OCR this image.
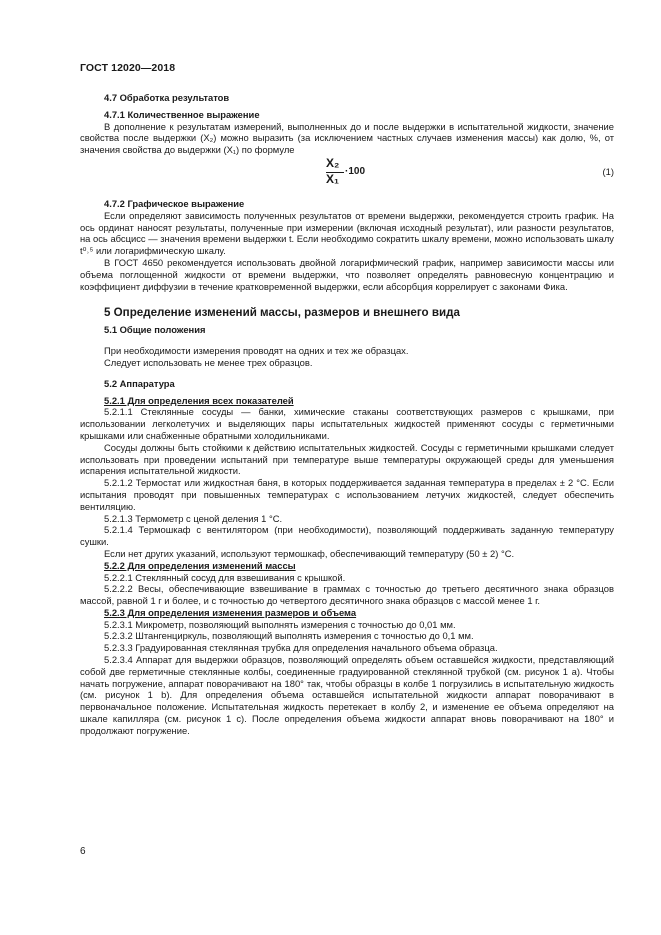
ГОСТ 12020—2018

4.7 Обработка результатов

4.7.1 Количественное выражение

В дополнение к результатам измерений, выполненных до и после выдержки в испытательной жидкости, значение свойства после выдержки (X₂) можно выразить (за исключением частных случаев изменения массы) как долю, %, от значения свойства до выдержки (X₁) по формуле

X₂
X₁
·100	(1)

4.7.2 Графическое выражение

Если определяют зависимость полученных результатов от времени выдержки, рекомендуется строить график. На ось ординат наносят результаты, полученные при измерении (включая исходный результат), или разности результатов, на ось абсцисс — значения времени выдержки t. Если необходимо сократить шкалу времени, можно использовать шкалу t⁰˒⁵ или логарифмическую шкалу.

В ГОСТ 4650 рекомендуется использовать двойной логарифмический график, например зависимости массы или объема поглощенной жидкости от времени выдержки, что позволяет определять равновесную концентрацию и коэффициент диффузии в течение кратковременной выдержки, если абсорбция коррелирует с законами Фика.

5 Определение изменений массы, размеров и внешнего вида

5.1 Общие положения

При необходимости измерения проводят на одних и тех же образцах.

Следует использовать не менее трех образцов.

5.2 Аппаратура

5.2.1 Для определения всех показателей

5.2.1.1 Стеклянные сосуды — банки, химические стаканы соответствующих размеров с крышками, при использовании легколетучих и выделяющих пары испытательных жидкостей применяют сосуды с герметичными крышками или снабженные обратными холодильниками.

Сосуды должны быть стойкими к действию испытательных жидкостей. Сосуды с герметичными крышками следует использовать при проведении испытаний при температуре выше температуры окружающей среды для уменьшения испарения испытательной жидкости.

5.2.1.2 Термостат или жидкостная баня, в которых поддерживается заданная температура в пределах ± 2 °C. Если испытания проводят при повышенных температурах с использованием летучих жидкостей, следует обеспечить вентиляцию.

5.2.1.3 Термометр с ценой деления 1 °C.

5.2.1.4 Термошкаф с вентилятором (при необходимости), позволяющий поддерживать заданную температуру сушки.

Если нет других указаний, используют термошкаф, обеспечивающий температуру (50 ± 2) °C.

5.2.2 Для определения изменений массы

5.2.2.1 Стеклянный сосуд для взвешивания с крышкой.

5.2.2.2 Весы, обеспечивающие взвешивание в граммах с точностью до третьего десятичного знака образцов массой, равной 1 г и более, и с точностью до четвертого десятичного знака образцов с массой менее 1 г.

5.2.3 Для определения изменения размеров и объема

5.2.3.1 Микрометр, позволяющий выполнять измерения с точностью до 0,01 мм.

5.2.3.2 Штангенциркуль, позволяющий выполнять измерения с точностью до 0,1 мм.

5.2.3.3 Градуированная стеклянная трубка для определения начального объема образца.

5.2.3.4 Аппарат для выдержки образцов, позволяющий определять объем оставшейся жидкости, представляющий собой две герметичные стеклянные колбы, соединенные градуированной стеклянной трубкой (см. рисунок 1 а). Чтобы начать погружение, аппарат поворачивают на 180° так, чтобы образцы в колбе 1 погрузились в испытательную жидкость (см. рисунок 1 b). Для определения объема оставшейся испытательной жидкости аппарат поворачивают в первоначальное положение. Испытательная жидкость перетекает в колбу 2, и изменение ее объема определяют на шкале капилляра (см. рисунок 1 c). После определения объема жидкости аппарат вновь поворачивают на 180° и продолжают погружение.

6
